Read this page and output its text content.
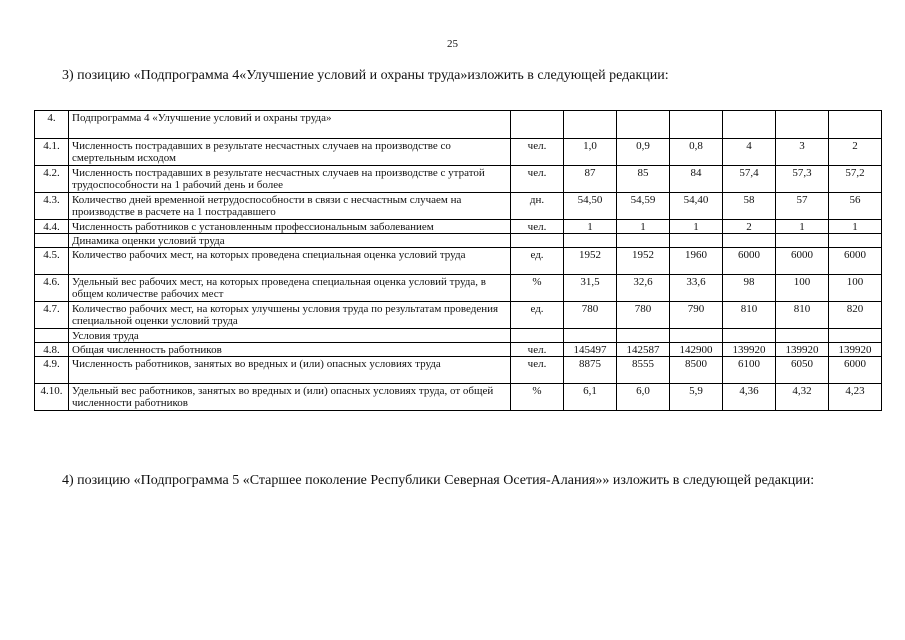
25
3) позицию «Подпрограмма 4«Улучшение условий и охраны труда»изложить в следующей редакции:
4.	Подпрограмма 4 «Улучшение условий и охраны труда»							
4.1.	Численность пострадавших в результате несчастных случаев на производстве со смертельным исходом	чел.	1,0	0,9	0,8	4	3	2
4.2.	Численность пострадавших в результате несчастных случаев на производстве с утратой трудоспособности на 1 рабочий день и более	чел.	87	85	84	57,4	57,3	57,2
4.3.	Количество дней временной нетрудоспособности в связи с несчастным случаем на производстве в расчете на 1 пострадавшего	дн.	54,50	54,59	54,40	58	57	56
4.4.	Численность работников с установленным профессиональным заболеванием	чел.	1	1	1	2	1	1
	Динамика оценки условий труда							
4.5.	Количество рабочих мест, на которых проведена специальная оценка условий труда	ед.	1952	1952	1960	6000	6000	6000
4.6.	Удельный вес рабочих мест, на которых проведена специальная оценка условий труда, в общем количестве рабочих мест	%	31,5	32,6	33,6	98	100	100
4.7.	Количество рабочих мест, на которых улучшены условия труда по результатам проведения специальной оценки условий труда	ед.	780	780	790	810	810	820
	Условия труда							
4.8.	Общая численность работников	чел.	145497	142587	142900	139920	139920	139920
4.9.	Численность работников, занятых во вредных и (или) опасных условиях труда	чел.	8875	8555	8500	6100	6050	6000
4.10.	Удельный вес работников, занятых во вредных и (или) опасных условиях труда, от общей численности работников	%	6,1	6,0	5,9	4,36	4,32	4,23
4) позицию «Подпрограмма 5 «Старшее поколение Республики Северная Осетия-Алания»» изложить в следующей редакции:
